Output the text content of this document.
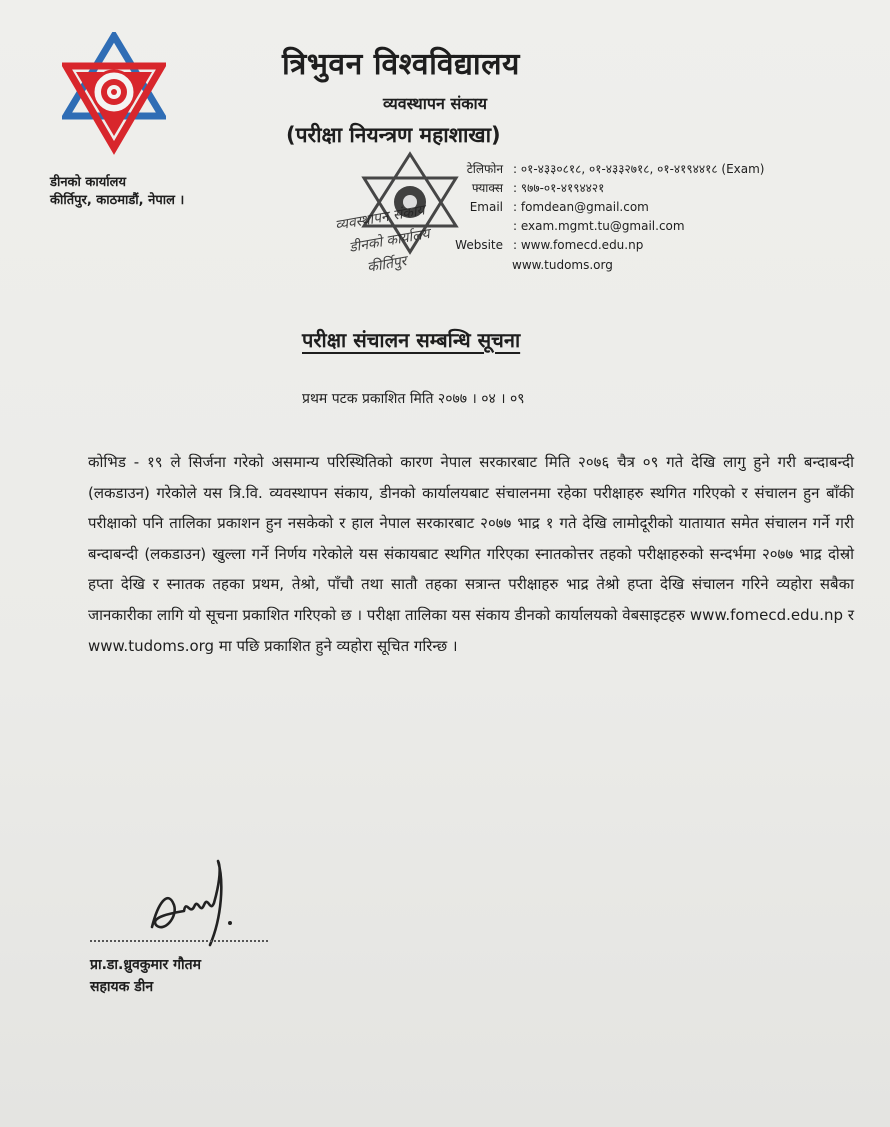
डीनको कार्यालय
कीर्तिपुर, काठमाडौं, नेपाल ।
त्रिभुवन विश्वविद्यालय
व्यवस्थापन संकाय
(परीक्षा नियन्त्रण महाशाखा)
व्यवस्थापन संकाय
डीनको कार्यालय
कीर्तिपुर
टेलिफोन : ०१-४३३०८१८, ०१-४३३२७१८, ०१-४१९४४१८ (Exam)
फ्याक्स : ९७७-०१-४१९४४२१
Email : fomdean@gmail.com
: exam.mgmt.tu@gmail.com
Website : www.fomecd.edu.np
www.tudoms.org
परीक्षा संचालन सम्बन्धि सूचना
प्रथम पटक प्रकाशित मिति २०७७ । ०४ । ०९
कोभिड - १९ ले सिर्जना गरेको असमान्य परिस्थितिको कारण नेपाल सरकारबाट मिति २०७६ चैत्र ०९ गते देखि लागु हुने गरी बन्दाबन्दी (लकडाउन) गरेकोले यस त्रि.वि. व्यवस्थापन संकाय, डीनको कार्यालयबाट संचालनमा रहेका परीक्षाहरु स्थगित गरिएको र संचालन हुन बाँकी परीक्षाको पनि तालिका प्रकाशन हुन नसकेको र हाल नेपाल सरकारबाट २०७७ भाद्र १ गते देखि लामोदूरीको यातायात समेत संचालन गर्ने गरी बन्दाबन्दी (लकडाउन) खुल्ला गर्ने निर्णय गरेकोले यस संकायबाट स्थगित गरिएका स्नातकोत्तर तहको परीक्षाहरुको सन्दर्भमा २०७७ भाद्र दोस्रो हप्ता देखि र स्नातक तहका प्रथम, तेश्रो, पाँचौ तथा सातौ तहका सत्रान्त परीक्षाहरु भाद्र तेश्रो हप्ता देखि संचालन गरिने व्यहोरा सबैका जानकारीका लागि यो सूचना प्रकाशित गरिएको छ । परीक्षा तालिका यस संकाय डीनको कार्यालयको वेबसाइटहरु www.fomecd.edu.np र www.tudoms.org मा पछि प्रकाशित हुने व्यहोरा सूचित गरिन्छ ।
प्रा.डा.ध्रुवकुमार गौतम
सहायक डीन
